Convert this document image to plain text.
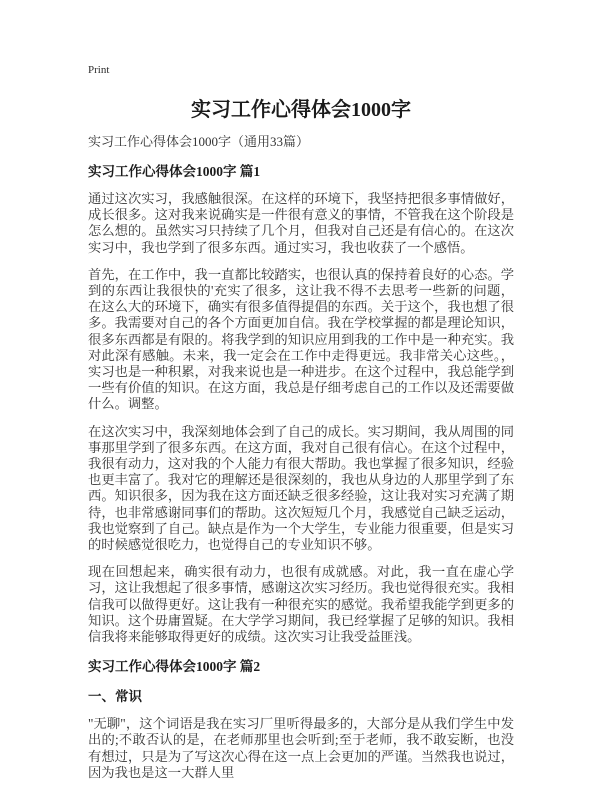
Print
实习工作心得体会1000字
实习工作心得体会1000字（通用33篇）
实习工作心得体会1000字 篇1

通过这次实习，我感触很深。在这样的环境下，我坚持把很多事情做好，成长很多。这对我来说确实是一件很有意义的事情，不管我在这个阶段是怎么想的。虽然实习只持续了几个月，但我对自己还是有信心的。在这次实习中，我也学到了很多东西。通过实习，我也收获了一个感悟。

首先，在工作中，我一直都比较踏实，也很认真的保持着良好的心态。学到的东西让我很快的'充实了很多，这让我不得不去思考一些新的问题，在这么大的环境下，确实有很多值得提倡的东西。关于这个，我也想了很多。我需要对自己的各个方面更加自信。我在学校掌握的都是理论知识，很多东西都是有限的。将我学到的知识应用到我的工作中是一种充实。我对此深有感触。未来，我一定会在工作中走得更远。我非常关心这些。，实习也是一种积累，对我来说也是一种进步。在这个过程中，我总能学到一些有价值的知识。在这方面，我总是仔细考虑自己的工作以及还需要做什么。调整。

在这次实习中，我深刻地体会到了自己的成长。实习期间，我从周围的同事那里学到了很多东西。在这方面，我对自己很有信心。在这个过程中，我很有动力，这对我的个人能力有很大帮助。我也掌握了很多知识，经验也更丰富了。我对它的理解还是很深刻的，我也从身边的人那里学到了东西。知识很多，因为我在这方面还缺乏很多经验，这让我对实习充满了期待，也非常感谢同事们的帮助。这次短短几个月，我感觉自己缺乏运动，我也觉察到了自己。缺点是作为一个大学生，专业能力很重要，但是实习的时候感觉很吃力，也觉得自己的专业知识不够。

现在回想起来，确实很有动力，也很有成就感。对此，我一直在虚心学习，这让我想起了很多事情，感谢这次实习经历。我也觉得很充实。我相信我可以做得更好。这让我有一种很充实的感觉。我希望我能学到更多的知识。这个毋庸置疑。在大学学习期间，我已经掌握了足够的知识。我相信我将来能够取得更好的成绩。这次实习让我受益匪浅。

实习工作心得体会1000字 篇2
一、常识

"无聊"，这个词语是我在实习厂里听得最多的，大部分是从我们学生中发出的;不敢否认的是，在老师那里也会听到;至于老师，我不敢妄断，也没有想过，只是为了写这次心得在这一点上会更加的严谨。当然我也说过，因为我也是这一大群人里
